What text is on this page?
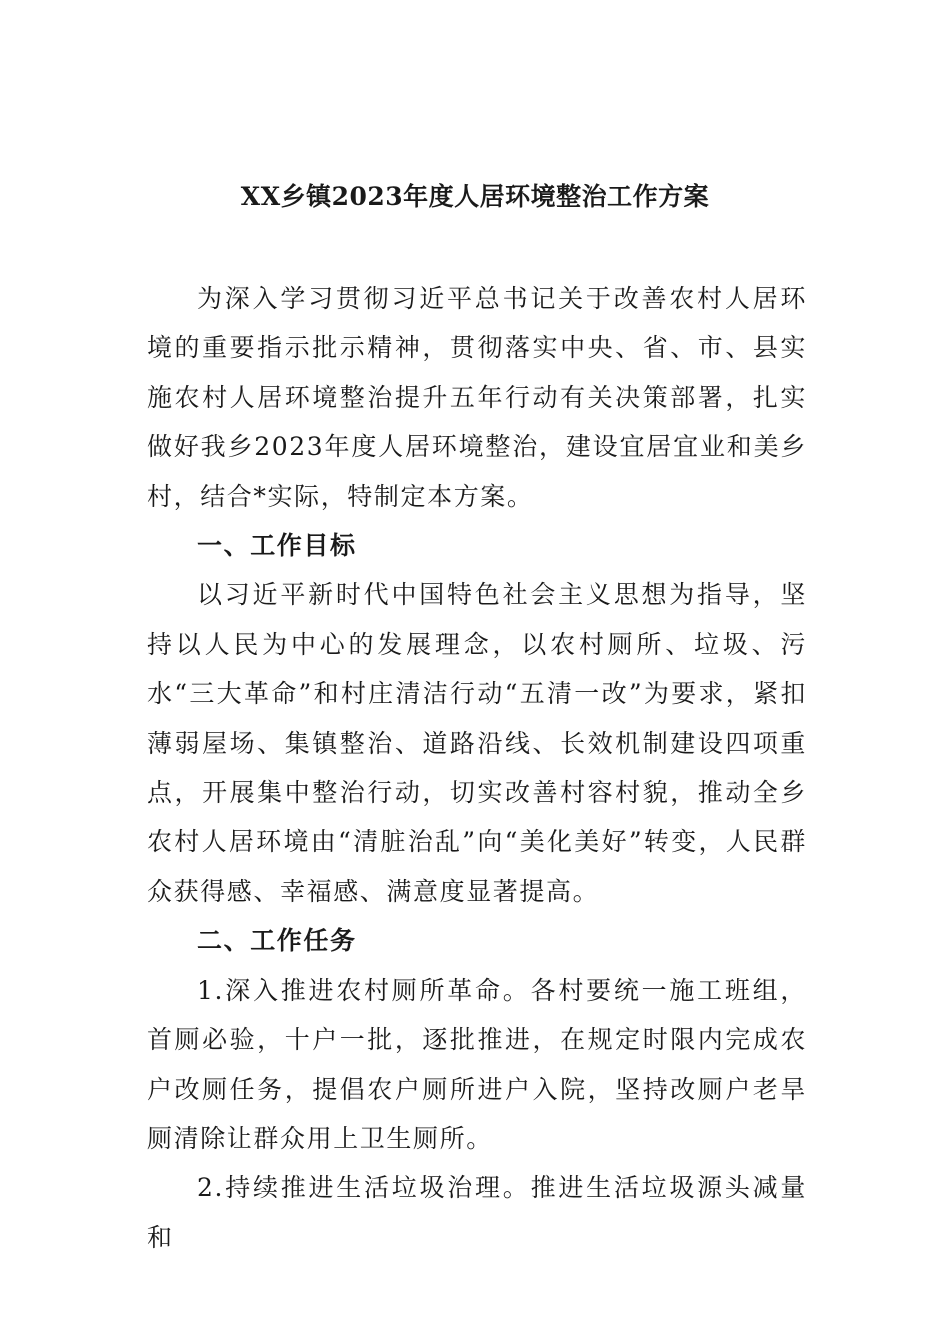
XX乡镇2023年度人居环境整治工作方案

为深入学习贯彻习近平总书记关于改善农村人居环境的重要指示批示精神，贯彻落实中央、省、市、县实施农村人居环境整治提升五年行动有关决策部署，扎实做好我乡2023年度人居环境整治，建设宜居宜业和美乡村，结合*实际，特制定本方案。

一、工作目标

以习近平新时代中国特色社会主义思想为指导，坚持以人民为中心的发展理念，以农村厕所、垃圾、污水“三大革命”和村庄清洁行动“五清一改”为要求，紧扣薄弱屋场、集镇整治、道路沿线、长效机制建设四项重点，开展集中整治行动，切实改善村容村貌，推动全乡农村人居环境由“清脏治乱”向“美化美好”转变，人民群众获得感、幸福感、满意度显著提高。

二、工作任务

1.深入推进农村厕所革命。各村要统一施工班组，首厕必验，十户一批，逐批推进，在规定时限内完成农户改厕任务，提倡农户厕所进户入院，坚持改厕户老旱厕清除让群众用上卫生厕所。

2.持续推进生活垃圾治理。推进生活垃圾源头减量和
